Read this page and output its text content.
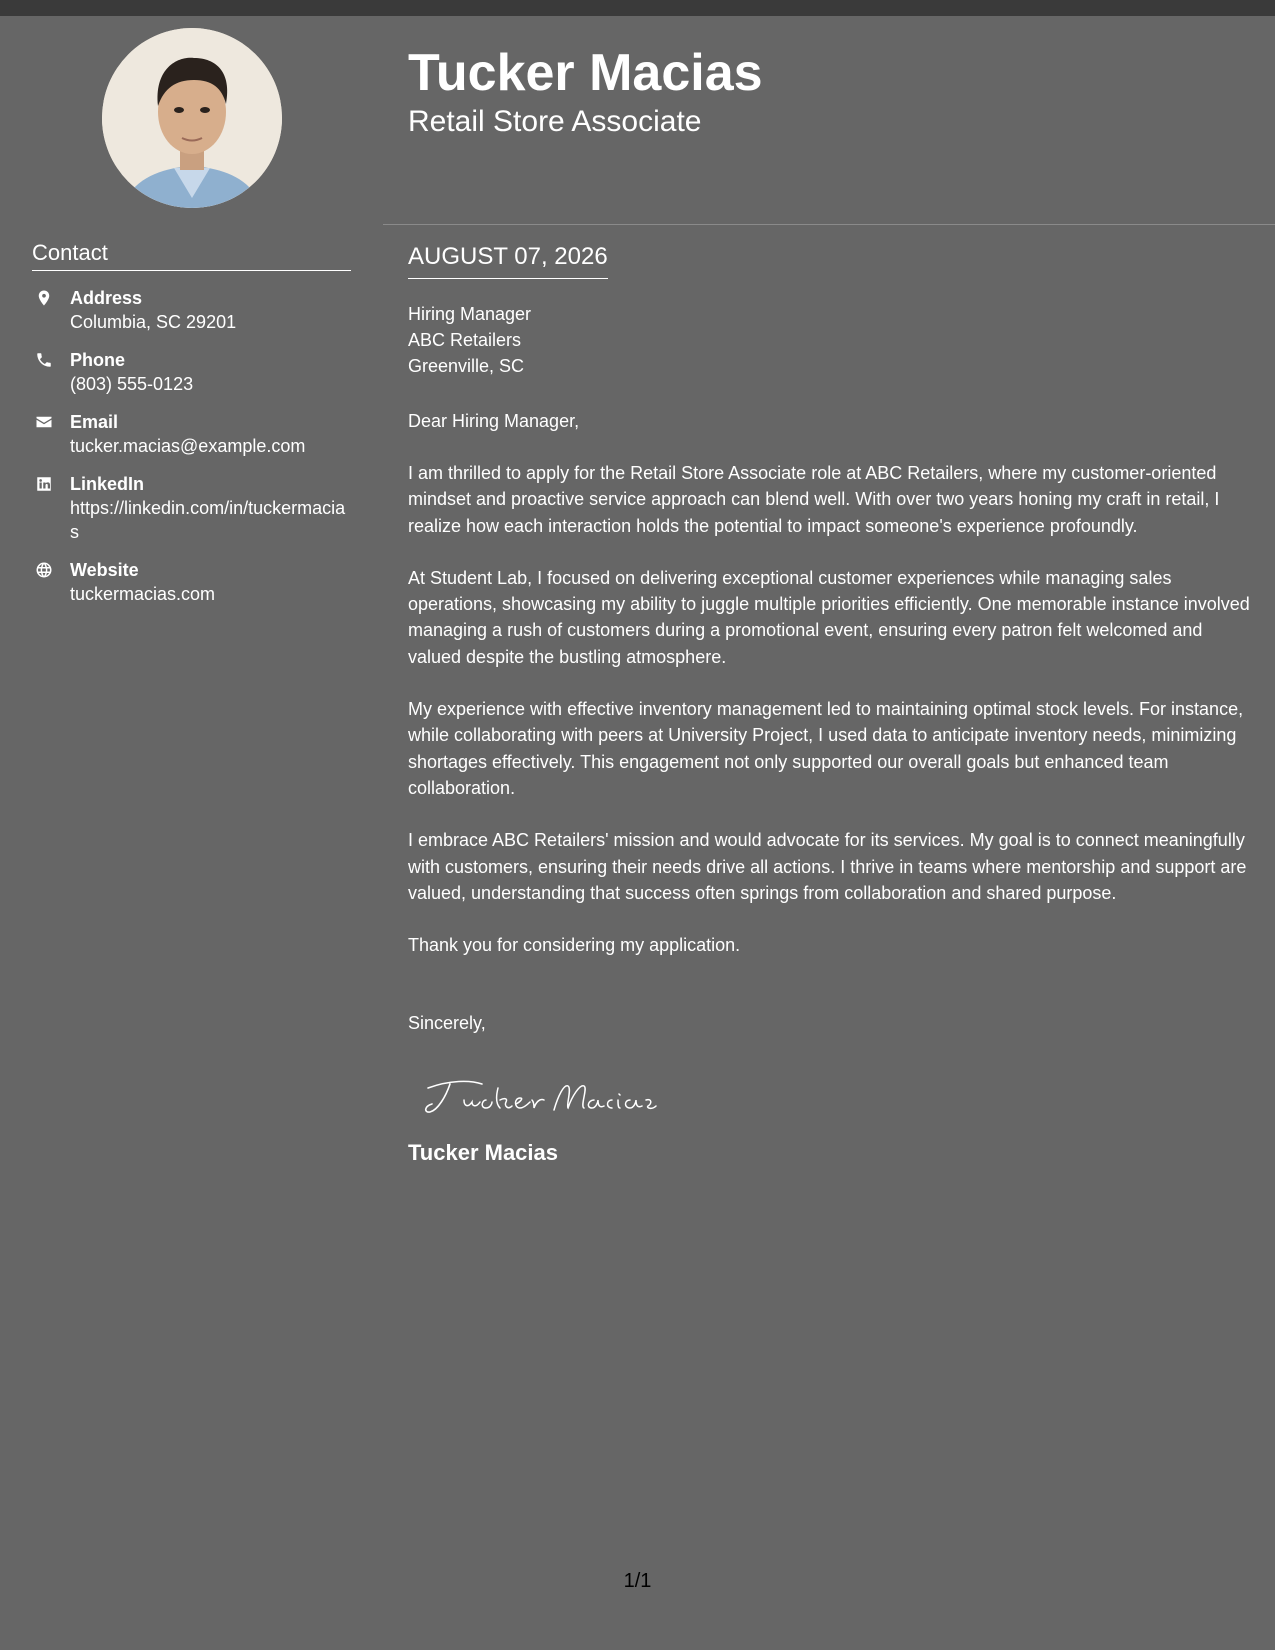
Contact
Address
Columbia, SC 29201
Phone
(803) 555-0123
Email
tucker.macias@example.com
LinkedIn
https://linkedin.com/in/tuckermacias
Website
tuckermacias.com
Tucker Macias
Retail Store Associate
AUGUST 07, 2026
Hiring Manager
ABC Retailers
Greenville, SC

Dear Hiring Manager,

I am thrilled to apply for the Retail Store Associate role at ABC Retailers, where my customer-oriented mindset and proactive service approach can blend well. With over two years honing my craft in retail, I realize how each interaction holds the potential to impact someone's experience profoundly.

At Student Lab, I focused on delivering exceptional customer experiences while managing sales operations, showcasing my ability to juggle multiple priorities efficiently. One memorable instance involved managing a rush of customers during a promotional event, ensuring every patron felt welcomed and valued despite the bustling atmosphere.

My experience with effective inventory management led to maintaining optimal stock levels. For instance, while collaborating with peers at University Project, I used data to anticipate inventory needs, minimizing shortages effectively. This engagement not only supported our overall goals but enhanced team collaboration.

I embrace ABC Retailers' mission and would advocate for its services. My goal is to connect meaningfully with customers, ensuring their needs drive all actions. I thrive in teams where mentorship and support are valued, understanding that success often springs from collaboration and shared purpose.

Thank you for considering my application.

Sincerely,

Tucker Macias
1/1
